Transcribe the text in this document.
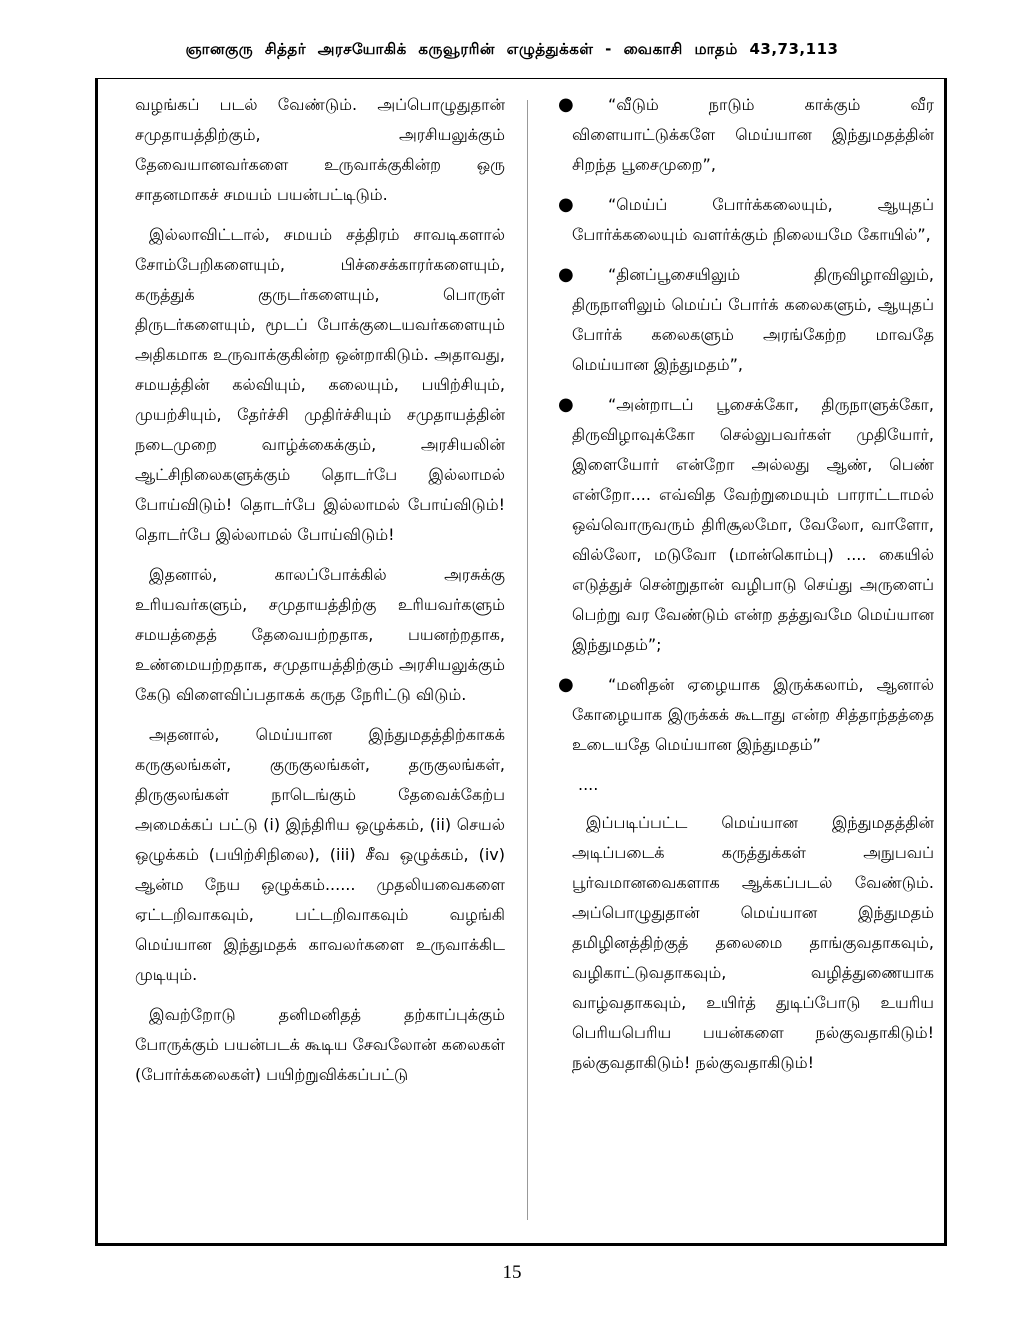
ஞானகுரு சித்தர் அரசயோகிக் கருவூரரின் எழுத்துக்கள் - வைகாசி மாதம் 43,73,113

வழங்கப் படல் வேண்டும். அப்பொழுதுதான் சமுதாயத்திற்கும், அரசியலுக்கும் தேவையானவர்களை உருவாக்குகின்ற ஒரு சாதனமாகச் சமயம் பயன்பட்டிடும்.

இல்லாவிட்டால், சமயம் சத்திரம் சாவடிகளால் சோம்பேறிகளையும், பிச்சைக்காரர்களையும், கருத்துக் குருடர்களையும், பொருள் திருடர்களையும், மூடப் போக்குடையவர்களையும் அதிகமாக உருவாக்குகின்ற ஒன்றாகிடும். அதாவது, சமயத்தின் கல்வியும், கலையும், பயிற்சியும், முயற்சியும், தேர்ச்சி முதிர்ச்சியும் சமுதாயத்தின் நடைமுறை வாழ்க்கைக்கும், அரசியலின் ஆட்சிநிலைகளுக்கும் தொடர்பே இல்லாமல் போய்விடும்! தொடர்பே இல்லாமல் போய்விடும்! தொடர்பே இல்லாமல் போய்விடும்!

இதனால், காலப்போக்கில் அரசுக்கு உரியவர்களும், சமுதாயத்திற்கு உரியவர்களும் சமயத்தைத் தேவையற்றதாக, பயனற்றதாக, உண்மையற்றதாக, சமுதாயத்திற்கும் அரசியலுக்கும் கேடு விளைவிப்பதாகக் கருத நேரிட்டு விடும்.

அதனால், மெய்யான இந்துமதத்திற்காகக் கருகுலங்கள், குருகுலங்கள், தருகுலங்கள், திருகுலங்கள் நாடெங்கும் தேவைக்கேற்ப அமைக்கப் பட்டு (i) இந்திரிய ஒழுக்கம், (ii) செயல் ஒழுக்கம் (பயிற்சிநிலை), (iii) சீவ ஒழுக்கம், (iv) ஆன்ம நேய ஒழுக்கம்...... முதலியவைகளை ஏட்டறிவாகவும், பட்டறிவாகவும் வழங்கி மெய்யான இந்துமதக் காவலர்களை உருவாக்கிட முடியும்.

இவற்றோடு தனிமனிதத் தற்காப்புக்கும் போருக்கும் பயன்படக் கூடிய சேவலோன் கலைகள் (போர்க்கலைகள்) பயிற்றுவிக்கப்பட்டு

●	“வீடும் நாடும் காக்கும் வீர விளையாட்டுக்களே மெய்யான இந்துமதத்தின் சிறந்த பூசைமுறை”,
●	“மெய்ப் போர்க்கலையும், ஆயுதப் போர்க்கலையும் வளர்க்கும் நிலையமே கோயில்”,
●	“தினப்பூசையிலும் திருவிழாவிலும், திருநாளிலும் மெய்ப் போர்க் கலைகளும், ஆயுதப் போர்க் கலைகளும் அரங்கேற்ற மாவதே மெய்யான இந்துமதம்”,
●	“அன்றாடப் பூசைக்கோ, திருநாளுக்கோ, திருவிழாவுக்கோ செல்லுபவர்கள் முதியோர், இளையோர் என்றோ அல்லது ஆண், பெண் என்றோ.... எவ்வித வேற்றுமையும் பாராட்டாமல் ஒவ்வொருவரும் திரிசூலமோ, வேலோ, வாளோ, வில்லோ, மடுவோ (மான்கொம்பு) .... கையில் எடுத்துச் சென்றுதான் வழிபாடு செய்து அருளைப் பெற்று வர வேண்டும் என்ற தத்துவமே மெய்யான இந்துமதம்”;
●	“மனிதன் ஏழையாக இருக்கலாம், ஆனால் கோழையாக இருக்கக் கூடாது என்ற சித்தாந்தத்தை உடையதே மெய்யான இந்துமதம்”
....

இப்படிப்பட்ட மெய்யான இந்துமதத்தின் அடிப்படைக் கருத்துக்கள் அநுபவப் பூர்வமானவைகளாக ஆக்கப்படல் வேண்டும். அப்பொழுதுதான் மெய்யான இந்துமதம் தமிழினத்திற்குத் தலைமை தாங்குவதாகவும், வழிகாட்டுவதாகவும், வழித்துணையாக வாழ்வதாகவும், உயிர்த் துடிப்போடு உயரிய பெரியபெரிய பயன்களை நல்குவதாகிடும்! நல்குவதாகிடும்! நல்குவதாகிடும்!

15
